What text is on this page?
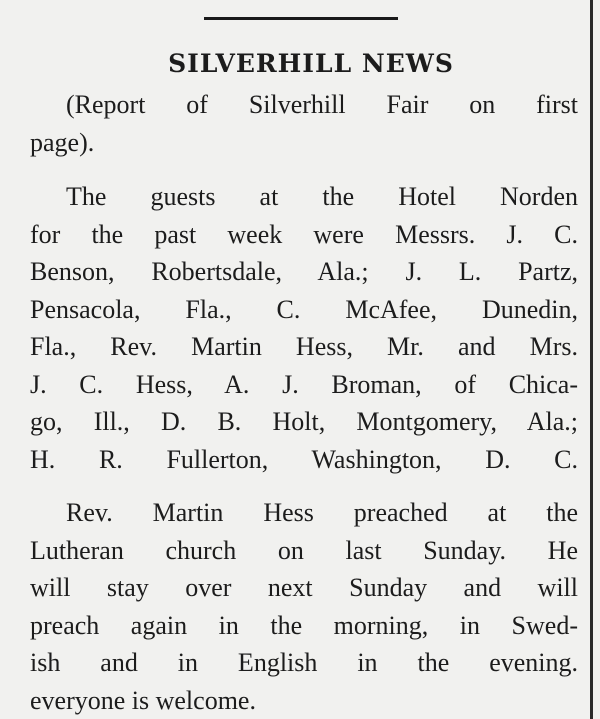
SILVERHILL NEWS
(Report of Silverhill Fair on first
page).
The guests at the Hotel Norden
for the past week were Messrs. J. C.
Benson, Robertsdale, Ala.; J. L. Partz,
Pensacola, Fla., C. McAfee, Dunedin,
Fla., Rev. Martin Hess, Mr. and Mrs.
J. C. Hess, A. J. Broman, of Chica-
go, Ill., D. B. Holt, Montgomery, Ala.;
H. R. Fullerton, Washington, D. C.
Rev. Martin Hess preached at the
Lutheran church on last Sunday. He
will stay over next Sunday and will
preach again in the morning, in Swed-
ish and in English in the evening.
everyone is welcome.
